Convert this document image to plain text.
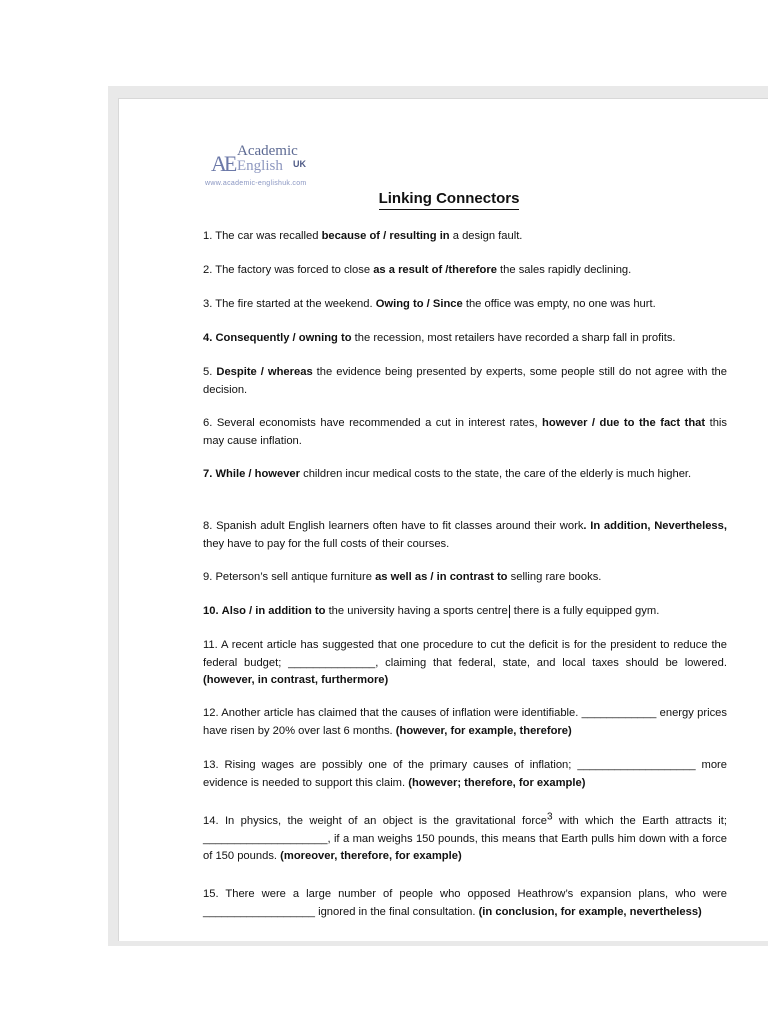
AE Academic
English UK
www.academic-englishuk.com
Linking Connectors
1. The car was recalled because of / resulting in a design fault.
2. The factory was forced to close as a result of /therefore the sales rapidly declining.
3. The fire started at the weekend. Owing to / Since the office was empty, no one was hurt.
4. Consequently / owning to the recession, most retailers have recorded a sharp fall in profits.
5. Despite / whereas the evidence being presented by experts, some people still do not agree with the decision.
6. Several economists have recommended a cut in interest rates, however / due to the fact that this may cause inflation.
7. While / however children incur medical costs to the state, the care of the elderly is much higher.
8. Spanish adult English learners often have to fit classes around their work. In addition, Nevertheless, they have to pay for the full costs of their courses.
9. Peterson’s sell antique furniture as well as / in contrast to selling rare books.
10. Also / in addition to the university having a sports centre there is a fully equipped gym.
11. A recent article has suggested that one procedure to cut the deficit is for the president to reduce the federal budget; ______________, claiming that federal, state, and local taxes should be lowered. (however, in contrast, furthermore)
12. Another article has claimed that the causes of inflation were identifiable. ____________ energy prices have risen by 20% over last 6 months. (however, for example, therefore)
13. Rising wages are possibly one of the primary causes of inflation; ___________________ more evidence is needed to support this claim. (however; therefore, for example)
14. In physics, the weight of an object is the gravitational force$^3$ with which the Earth attracts it; ____________________, if a man weighs 150 pounds, this means that Earth pulls him down with a force of 150 pounds. (moreover, therefore, for example)
15. There were a large number of people who opposed Heathrow’s expansion plans, who were __________________ ignored in the final consultation. (in conclusion, for example, nevertheless)
